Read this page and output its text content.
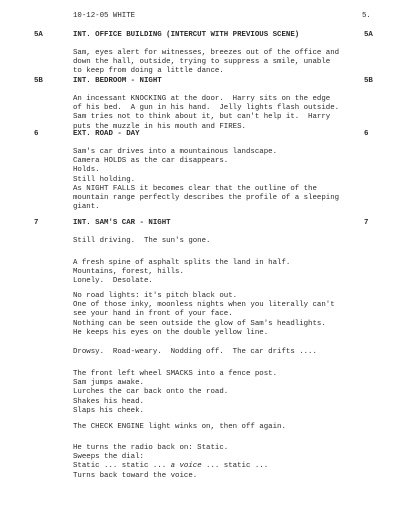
10-12-05 WHITE	5.
5A	INT. OFFICE BUILDING (INTERCUT WITH PREVIOUS SCENE)	5A
Sam, eyes alert for witnesses, breezes out of the office and
down the hall, outside, trying to suppress a smile, unable
to keep from doing a little dance.
5B	INT. BEDROOM - NIGHT	5B
An incessant KNOCKING at the door.  Harry sits on the edge
of his bed.  A gun in his hand.  Jelly lights flash outside.
Sam tries not to think about it, but can't help it.  Harry
puts the muzzle in his mouth and FIRES.
6	EXT. ROAD - DAY	6
Sam's car drives into a mountainous landscape.
Camera HOLDS as the car disappears.
Holds.
Still holding.
As NIGHT FALLS it becomes clear that the outline of the
mountain range perfectly describes the profile of a sleeping
giant.
7	INT. SAM'S CAR - NIGHT	7
Still driving.  The sun's gone.
A fresh spine of asphalt splits the land in half.
Mountains, forest, hills.
Lonely.  Desolate.
No road lights: it's pitch black out.
One of those inky, moonless nights when you literally can't
see your hand in front of your face.
Nothing can be seen outside the glow of Sam's headlights.
He keeps his eyes on the double yellow line.
Drowsy.  Road-weary.  Nodding off.  The car drifts ....
The front left wheel SMACKS into a fence post.
Sam jumps awake.
Lurches the car back onto the road.
Shakes his head.
Slaps his cheek.
The CHECK ENGINE light winks on, then off again.
He turns the radio back on: Static.
Sweeps the dial:
Static ... static ... a voice ... static ...
Turns back toward the voice.
